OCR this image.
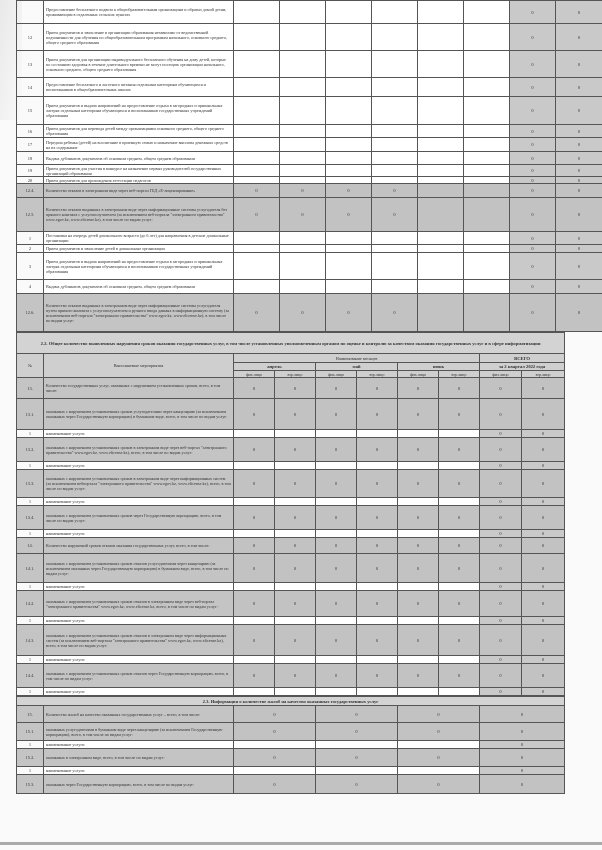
	Предоставление бесплатного подвоза к общеобразовательным организациям и обратно домой детям, проживающим в отдаленных сельских пунктах							0	0
12	Прием документов и зачисление в организации образования независимо от ведомственной подчиненности для обучения по общеобразовательным программам начального, основного среднего, общего среднего образования							0	0
13	Прием документов для организации индивидуального бесплатного обучения на дому детей, которые по состоянию здоровья в течение длительного времени не могут посещать организации начального, основного среднего, общего среднего образования							0	0
14	Предоставление бесплатного и льготного питания отдельным категориям обучающихся и воспитанников в общеобразовательных школах							0	0
15	Прием документов и выдача направлений на предоставление отдыха в загородных и пришкольных лагерях отдельным категориям обучающихся и воспитанников государственных учреждений образования							0	0
16	Прием документов для перевода детей между организациями основного среднего, общего среднего образования							0	0
17	Передача ребенка (детей) на воспитание в приемную семью и назначение выплаты денежных средств на их содержание							0	0
18	Выдача дубликатов документов об основном среднем, общем среднем образовании							0	0
19	Прием документов для участия в конкурсе на назначение первых руководителей государственных организаций образования							0	0
20	Прием документов для прохождения аттестации педагогов							0	0
12.4.	Количество отказов в электронном виде через веб-портал ГБД «Е-лицензирование»	0	0	0	0			0	0
12.5.	Количество отказов выданных в электронном виде через информационные системы услугодателя без прямого контакта с услугополучателем (за исключением веб-портала "электронного правительства" www.egov.kz, www.elicense.kz), в том числе по видам услуг:	0	0	0	0			0	0
1	Постановка на очередь детей дошкольного возраста (до 6 лет) для направления в детские дошкольные организации							0	0
2	Прием документов и зачисление детей в дошкольные организации							0	0
3	Прием документов и выдача направлений на предоставление отдыха в загородных и пришкольных лагерях отдельным категориям обучающихся и воспитанников государственных учреждений образования							0	0
4	Выдача дубликатов документов об основном среднем, общем среднем образовании							0	0
12.6.	Количество отказов выданных в электронном виде через информационные системы услугодателя путем прямого контакта с услугополучателем и ручного ввода данных в информационную систему (за исключением веб-портала "электронного правительства" www.egov.kz, www.elicense.kz), в том числе по видам услуг:	0	0	0	0			0	0
2.2. Общее количество выявленных нарушения сроков оказания государственных услуг, в том числе установленных уполномоченным органом по оценке и контролю за качеством оказания государственных услуг и в сфере информатизации									
№	Выполняемые мероприятия	Наименование месяцев						ВСЕГО	
		апрель		май		июнь		за 2 квартал 2022 года	
		физ.лицо	юр.лицо	физ.лицо	юр.лицо	физ.лицо	юр.лицо	физ.лицо	юр.лицо
13.	Количество государственных услуг, оказанных с нарушением установленных сроков, всего, в том числе:	0	0	0	0	0	0	0	0
13.1.	оказанных с нарушением установленных сроков услугодателями через канцелярию (за исключением оказанных через Государственную корпорацию) в бумажном виде, всего, в том числе по видам услуг:	0	0	0	0	0	0	0	0
1	наименование услуги							0	0
13.2.	оказанных с нарушением установленных сроков в электронном виде через веб-портал "электронного правительства" www.egov.kz, www.elicense.kz), всего, в том числе по видам услуг:	0	0	0	0	0	0	0	0
1	наименование услуги							0	0
13.3.	оказанных с нарушением установленных сроков в электронном виде через информационных систем (за исключением вебпортала "электронного правительства" www.egov.kz, www.elicense.kz), всего, в том числе по видам услуг:	0	0	0	0	0	0	0	0
1	наименование услуги							0	0
13.4.	оказанных с нарушением установленных сроков через Государственную корпорацию, всего, в том числе по видам услуг:	0	0	0	0	0	0	0	0
1	наименование услуги							0	0
14.	Количество нарушений сроков отказов оказания государственных услуг, всего, в том числе:	0	0	0	0	0	0	0	0
14.1.	оказанных с нарушением установленных сроков отказов услугодателями через канцелярию (за исключением оказанных через Государственную корпорацию) в бумажном виде, всего, в том числе по видам услуг:	0	0	0	0	0	0	0	0
1	наименование услуги							0	0
14.2.	оказанных с нарушением установленных сроков отказов в электронном виде через веб-портал "электронного правительства" www.egov.kz, www.elicense.kz, всего, в том числе по видам услуг:	0	0	0	0	0	0	0	0
1	наименование услуги							0	0
14.3.	оказанных с нарушением установленных сроков отказов в электронном виде через информационных систем (за исключением веб-портала "электронного правительства" www.egov.kz, www.elicense.kz), всего, в том числе по видам услуг:	0	0	0	0	0	0	0	0
1	наименование услуги							0	0
14.4.	оказанных с нарушением установленных сроков отказов через Государственную корпорацию, всего, в том числе по видам услуг:	0	0	0	0	0	0	0	0
1	наименование услуги							0	0
2.3. Информация о количестве жалоб на качество оказанных государственных услуг					
15.	Количество жалоб на качество оказанных государственных услуг – всего, в том числе:	0	0	0	0
15.1.	оказанных услугодателями в бумажном виде через канцелярию (за исключением Государственную корпорацию), всего, в том числе по видам услуг:	0	0	0	0
1	наименование услуги				0
15.2.	оказанных в электронном виде, всего, в том числе по видам услуг:	0	0	0	0
1	наименование услуги				0
15.3.	оказанных через Государственную корпорацию, всего, в том числе по видам услуг:	0	0	0	0
